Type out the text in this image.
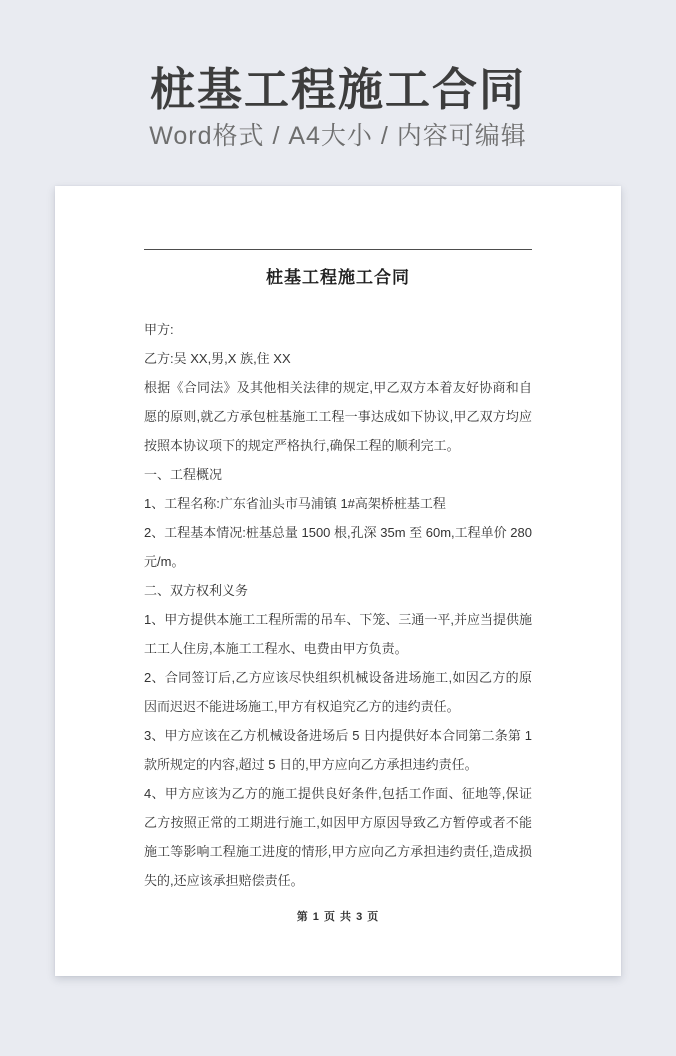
桩基工程施工合同
Word格式 / A4大小 / 内容可编辑
桩基工程施工合同

甲方:

乙方:吴 XX,男,X 族,住 XX

根据《合同法》及其他相关法律的规定,甲乙双方本着友好协商和自愿的原则,就乙方承包桩基施工工程一事达成如下协议,甲乙双方均应按照本协议项下的规定严格执行,确保工程的顺利完工。

一、工程概况

1、工程名称:广东省汕头市马浦镇 1#高架桥桩基工程

2、工程基本情况:桩基总量 1500 根,孔深 35m 至 60m,工程单价 280 元/m。

二、双方权利义务

1、甲方提供本施工工程所需的吊车、下笼、三通一平,并应当提供施工工人住房,本施工工程水、电费由甲方负责。

2、合同签订后,乙方应该尽快组织机械设备进场施工,如因乙方的原因而迟迟不能进场施工,甲方有权追究乙方的违约责任。

3、甲方应该在乙方机械设备进场后 5 日内提供好本合同第二条第 1 款所规定的内容,超过 5 日的,甲方应向乙方承担违约责任。

4、甲方应该为乙方的施工提供良好条件,包括工作面、征地等,保证乙方按照正常的工期进行施工,如因甲方原因导致乙方暂停或者不能施工等影响工程施工进度的情形,甲方应向乙方承担违约责任,造成损失的,还应该承担赔偿责任。

第 1 页 共 3 页
